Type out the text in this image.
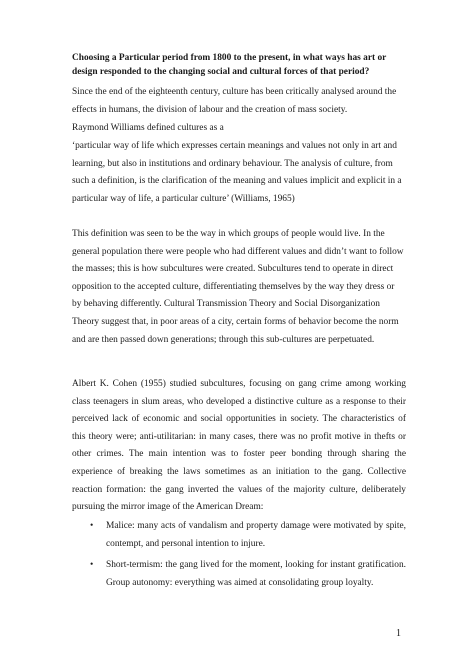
Choosing a Particular period from 1800 to the present, in what ways has art or design responded to the changing social and cultural forces of that period?
Since the end of the eighteenth century, culture has been critically analysed around the effects in humans, the division of labour and the creation of mass society.
Raymond Williams defined cultures as a
‘particular way of life which expresses certain meanings and values not only in art and learning, but also in institutions and ordinary behaviour. The analysis of culture, from such a definition, is the clarification of the meaning and values implicit and explicit in a particular way of life, a particular culture’ (Williams, 1965)
This definition was seen to be the way in which groups of people would live. In the general population there were people who had different values and didn’t want to follow the masses; this is how subcultures were created. Subcultures tend to operate in direct opposition to the accepted culture, differentiating themselves by the way they dress or by behaving differently. Cultural Transmission Theory and Social Disorganization Theory suggest that, in poor areas of a city, certain forms of behavior become the norm and are then passed down generations; through this sub-cultures are perpetuated.
Albert K. Cohen (1955) studied subcultures, focusing on gang crime among working class teenagers in slum areas, who developed a distinctive culture as a response to their perceived lack of economic and social opportunities in society. The characteristics of this theory were; anti-utilitarian: in many cases, there was no profit motive in thefts or other crimes. The main intention was to foster peer bonding through sharing the experience of breaking the laws sometimes as an initiation to the gang. Collective reaction formation: the gang inverted the values of the majority culture, deliberately pursuing the mirror image of the American Dream:
• Malice: many acts of vandalism and property damage were motivated by spite, contempt, and personal intention to injure.
• Short-termism: the gang lived for the moment, looking for instant gratification. Group autonomy: everything was aimed at consolidating group loyalty.
1
